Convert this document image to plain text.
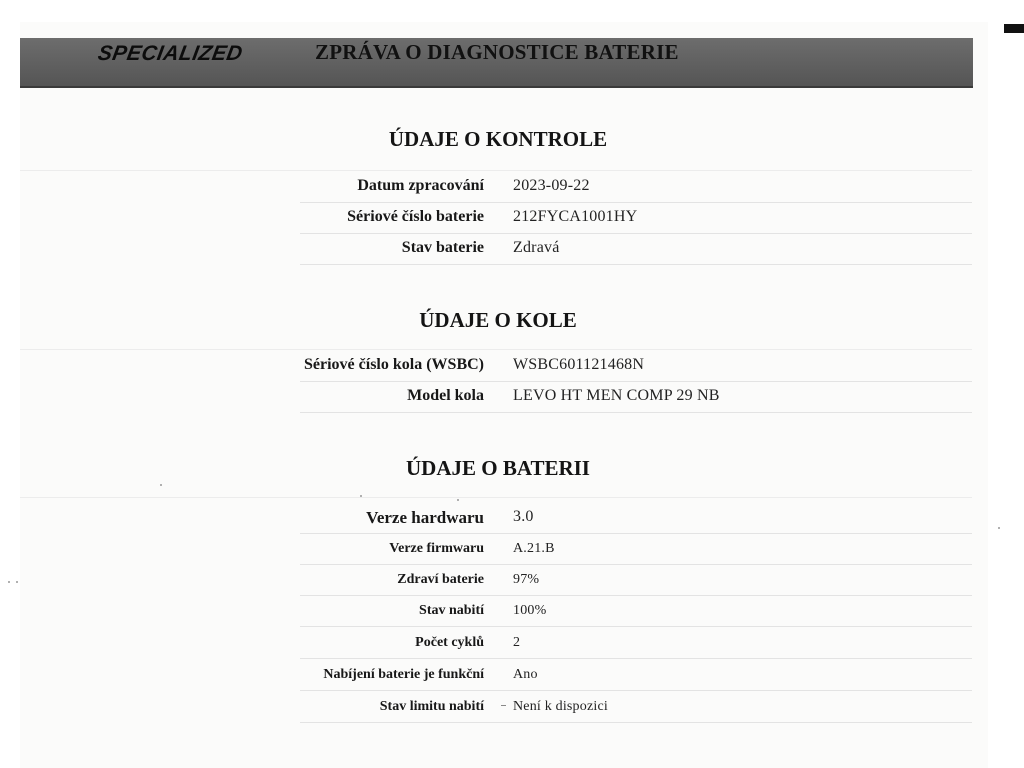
SPECIALIZED	ZPRÁVA O DIAGNOSTICE BATERIE
ÚDAJE O KONTROLE
Datum zpracování 2023-09-22
Sériové číslo baterie 212FYCA1001HY
Stav baterie Zdravá
ÚDAJE O KOLE
Sériové číslo kola (WSBC) WSBC601121468N
Model kola LEVO HT MEN COMP 29 NB
ÚDAJE O BATERII
Verze hardwaru 3.0
Verze firmwaru A.21.B
Zdraví baterie 97%
Stav nabití 100%
Počet cyklů 2
Nabíjení baterie je funkční Ano
Stav limitu nabití Není k dispozici
